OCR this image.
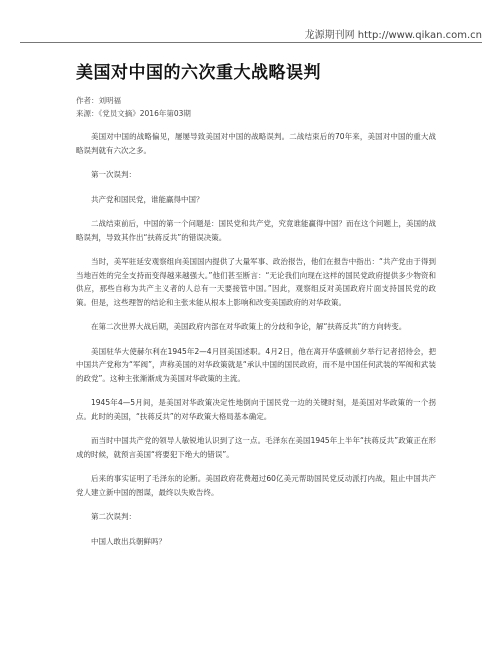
龙源期刊网 http://www.qikan.com.cn
美国对中国的六次重大战略误判

作者：刘明福

来源：《党员文摘》2016年第03期

美国对中国的战略偏见，屡屡导致美国对中国的战略误判。二战结束后的70年来，美国对中国的重大战略误判就有六次之多。

第一次误判：

共产党和国民党，谁能赢得中国？

二战结束前后，中国的第一个问题是：国民党和共产党，究竟谁能赢得中国？而在这个问题上，美国的战略误判，导致其作出“扶蒋反共”的错误决策。

当时，美军驻延安观察组向美国国内提供了大量军事、政治报告，他们在报告中指出：“共产党由于得到当地百姓的完全支持而变得越来越强大。”他们甚至断言：“无论我们向现在这样的国民党政府提供多少物资和供应，那些自称为共产主义者的人总有一天要接管中国。”因此，观察组反对美国政府片面支持国民党的政策。但是，这些理智的结论和主张未能从根本上影响和改变美国政府的对华政策。

在第二次世界大战后期，美国政府内部在对华政策上的分歧和争论，解“扶蒋反共”的方向转变。

美国驻华大使赫尔利在1945年2—4月回美国述职。4月2日，他在离开华盛顿前夕举行记者招待会，把中国共产党称为“军阀”，声称美国的对华政策就是“承认中国的国民政府，而不是中国任何武装的军阀和武装的政党”。这种主张渐渐成为美国对华政策的主流。

1945年4—5月间，是美国对华政策决定性地倒向于国民党一边的关键时刻，是美国对华政策的一个拐点。此时的美国，“扶蒋反共”的对华政策大格局基本确定。

而当时中国共产党的领导人敏锐地认识到了这一点。毛泽东在美国1945年上半年“扶蒋反共”政策正在形成的时候，就预言美国“将要犯下绝大的错误”。

后来的事实证明了毛泽东的论断。美国政府花费超过60亿美元帮助国民党反动派打内战，阻止中国共产党人建立新中国的图谋，最终以失败告终。

第二次误判：

中国人敢出兵朝鲜吗？
